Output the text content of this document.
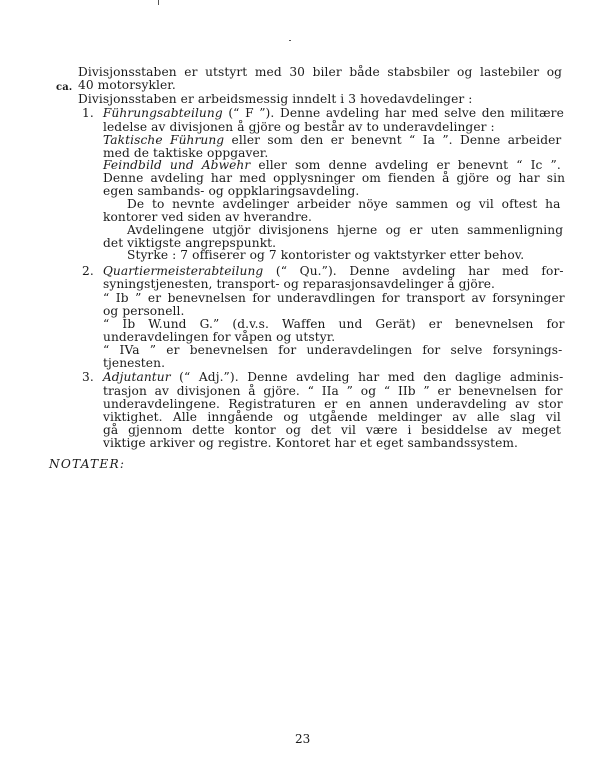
ca.
Divisjonsstaben er utstyrt med 30 biler både stabsbiler og lastebiler og
40 motorsykler.
Divisjonsstaben er arbeidsmessig inndelt i 3 hovedavdelinger :
1. Führungsabteilung (“ F ”). Denne avdeling har med selve den militære
ledelse av divisjonen å gjöre og består av to underavdelinger :
Taktische Führung eller som den er benevnt “ Ia ”. Denne arbeider
med de taktiske oppgaver.
Feindbild und Abwehr eller som denne avdeling er benevnt “ Ic ”.
Denne avdeling har med opplysninger om fienden å gjöre og har sin
egen sambands- og oppklaringsavdeling.
De to nevnte avdelinger arbeider nöye sammen og vil oftest ha
kontorer ved siden av hverandre.
Avdelingene utgjör divisjonens hjerne og er uten sammenligning
det viktigste angrepspunkt.
Styrke : 7 offiserer og 7 kontorister og vaktstyrker etter behov.
2. Quartiermeisterabteilung (“ Qu.”). Denne avdeling har med for-
syningstjenesten, transport- og reparasjonsavdelinger å gjöre.
“ Ib ” er benevnelsen for underavdlingen for transport av forsyninger
og personell.
“ Ib W.und G.” (d.v.s. Waffen und Gerät) er benevnelsen for
underavdelingen for våpen og utstyr.
“ IVa ” er benevnelsen for underavdelingen for selve forsynings-
tjenesten.
3. Adjutantur (“ Adj.”). Denne avdeling har med den daglige adminis-
trasjon av divisjonen å gjöre. “ IIa ” og “ IIb ” er benevnelsen for
underavdelingene. Registraturen er en annen underavdeling av stor
viktighet. Alle inngående og utgående meldinger av alle slag vil
gå gjennom dette kontor og det vil være i besiddelse av meget
viktige arkiver og registre. Kontoret har et eget sambandssystem.
NOTATER:
23
